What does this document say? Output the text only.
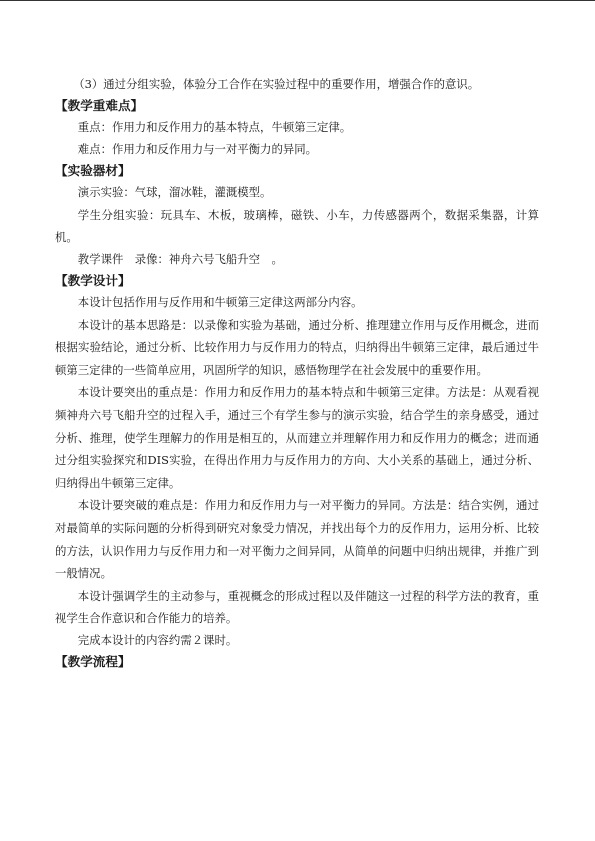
（3）通过分组实验，体验分工合作在实验过程中的重要作用，增强合作的意识。

【教学重难点】

重点：作用力和反作用力的基本特点，牛顿第三定律。

难点：作用力和反作用力与一对平衡力的异同。

【实验器材】

演示实验：气球，溜冰鞋，灌溉模型。

学生分组实验：玩具车、木板，玻璃棒，磁铁、小车，力传感器两个，数据采集器，计算机。

教学课件　录像：神舟六号飞船升空　。

【教学设计】

本设计包括作用与反作用和牛顿第三定律这两部分内容。

本设计的基本思路是：以录像和实验为基础，通过分析、推理建立作用与反作用概念，进而根据实验结论，通过分析、比较作用力与反作用力的特点，归纳得出牛顿第三定律，最后通过牛顿第三定律的一些简单应用，巩固所学的知识，感悟物理学在社会发展中的重要作用。

本设计要突出的重点是：作用力和反作用力的基本特点和牛顿第三定律。方法是：从观看视频神舟六号飞船升空的过程入手，通过三个有学生参与的演示实验，结合学生的亲身感受，通过分析、推理，使学生理解力的作用是相互的，从而建立并理解作用力和反作用力的概念；进而通过分组实验探究和DIS实验，在得出作用力与反作用力的方向、大小关系的基础上，通过分析、归纳得出牛顿第三定律。

本设计要突破的难点是：作用力和反作用力与一对平衡力的异同。方法是：结合实例，通过对最简单的实际问题的分析得到研究对象受力情况，并找出每个力的反作用力，运用分析、比较的方法，认识作用力与反作用力和一对平衡力之间异同，从简单的问题中归纳出规律，并推广到一般情况。

本设计强调学生的主动参与，重视概念的形成过程以及伴随这一过程的科学方法的教育，重视学生合作意识和合作能力的培养。

完成本设计的内容约需２课时。

【教学流程】
